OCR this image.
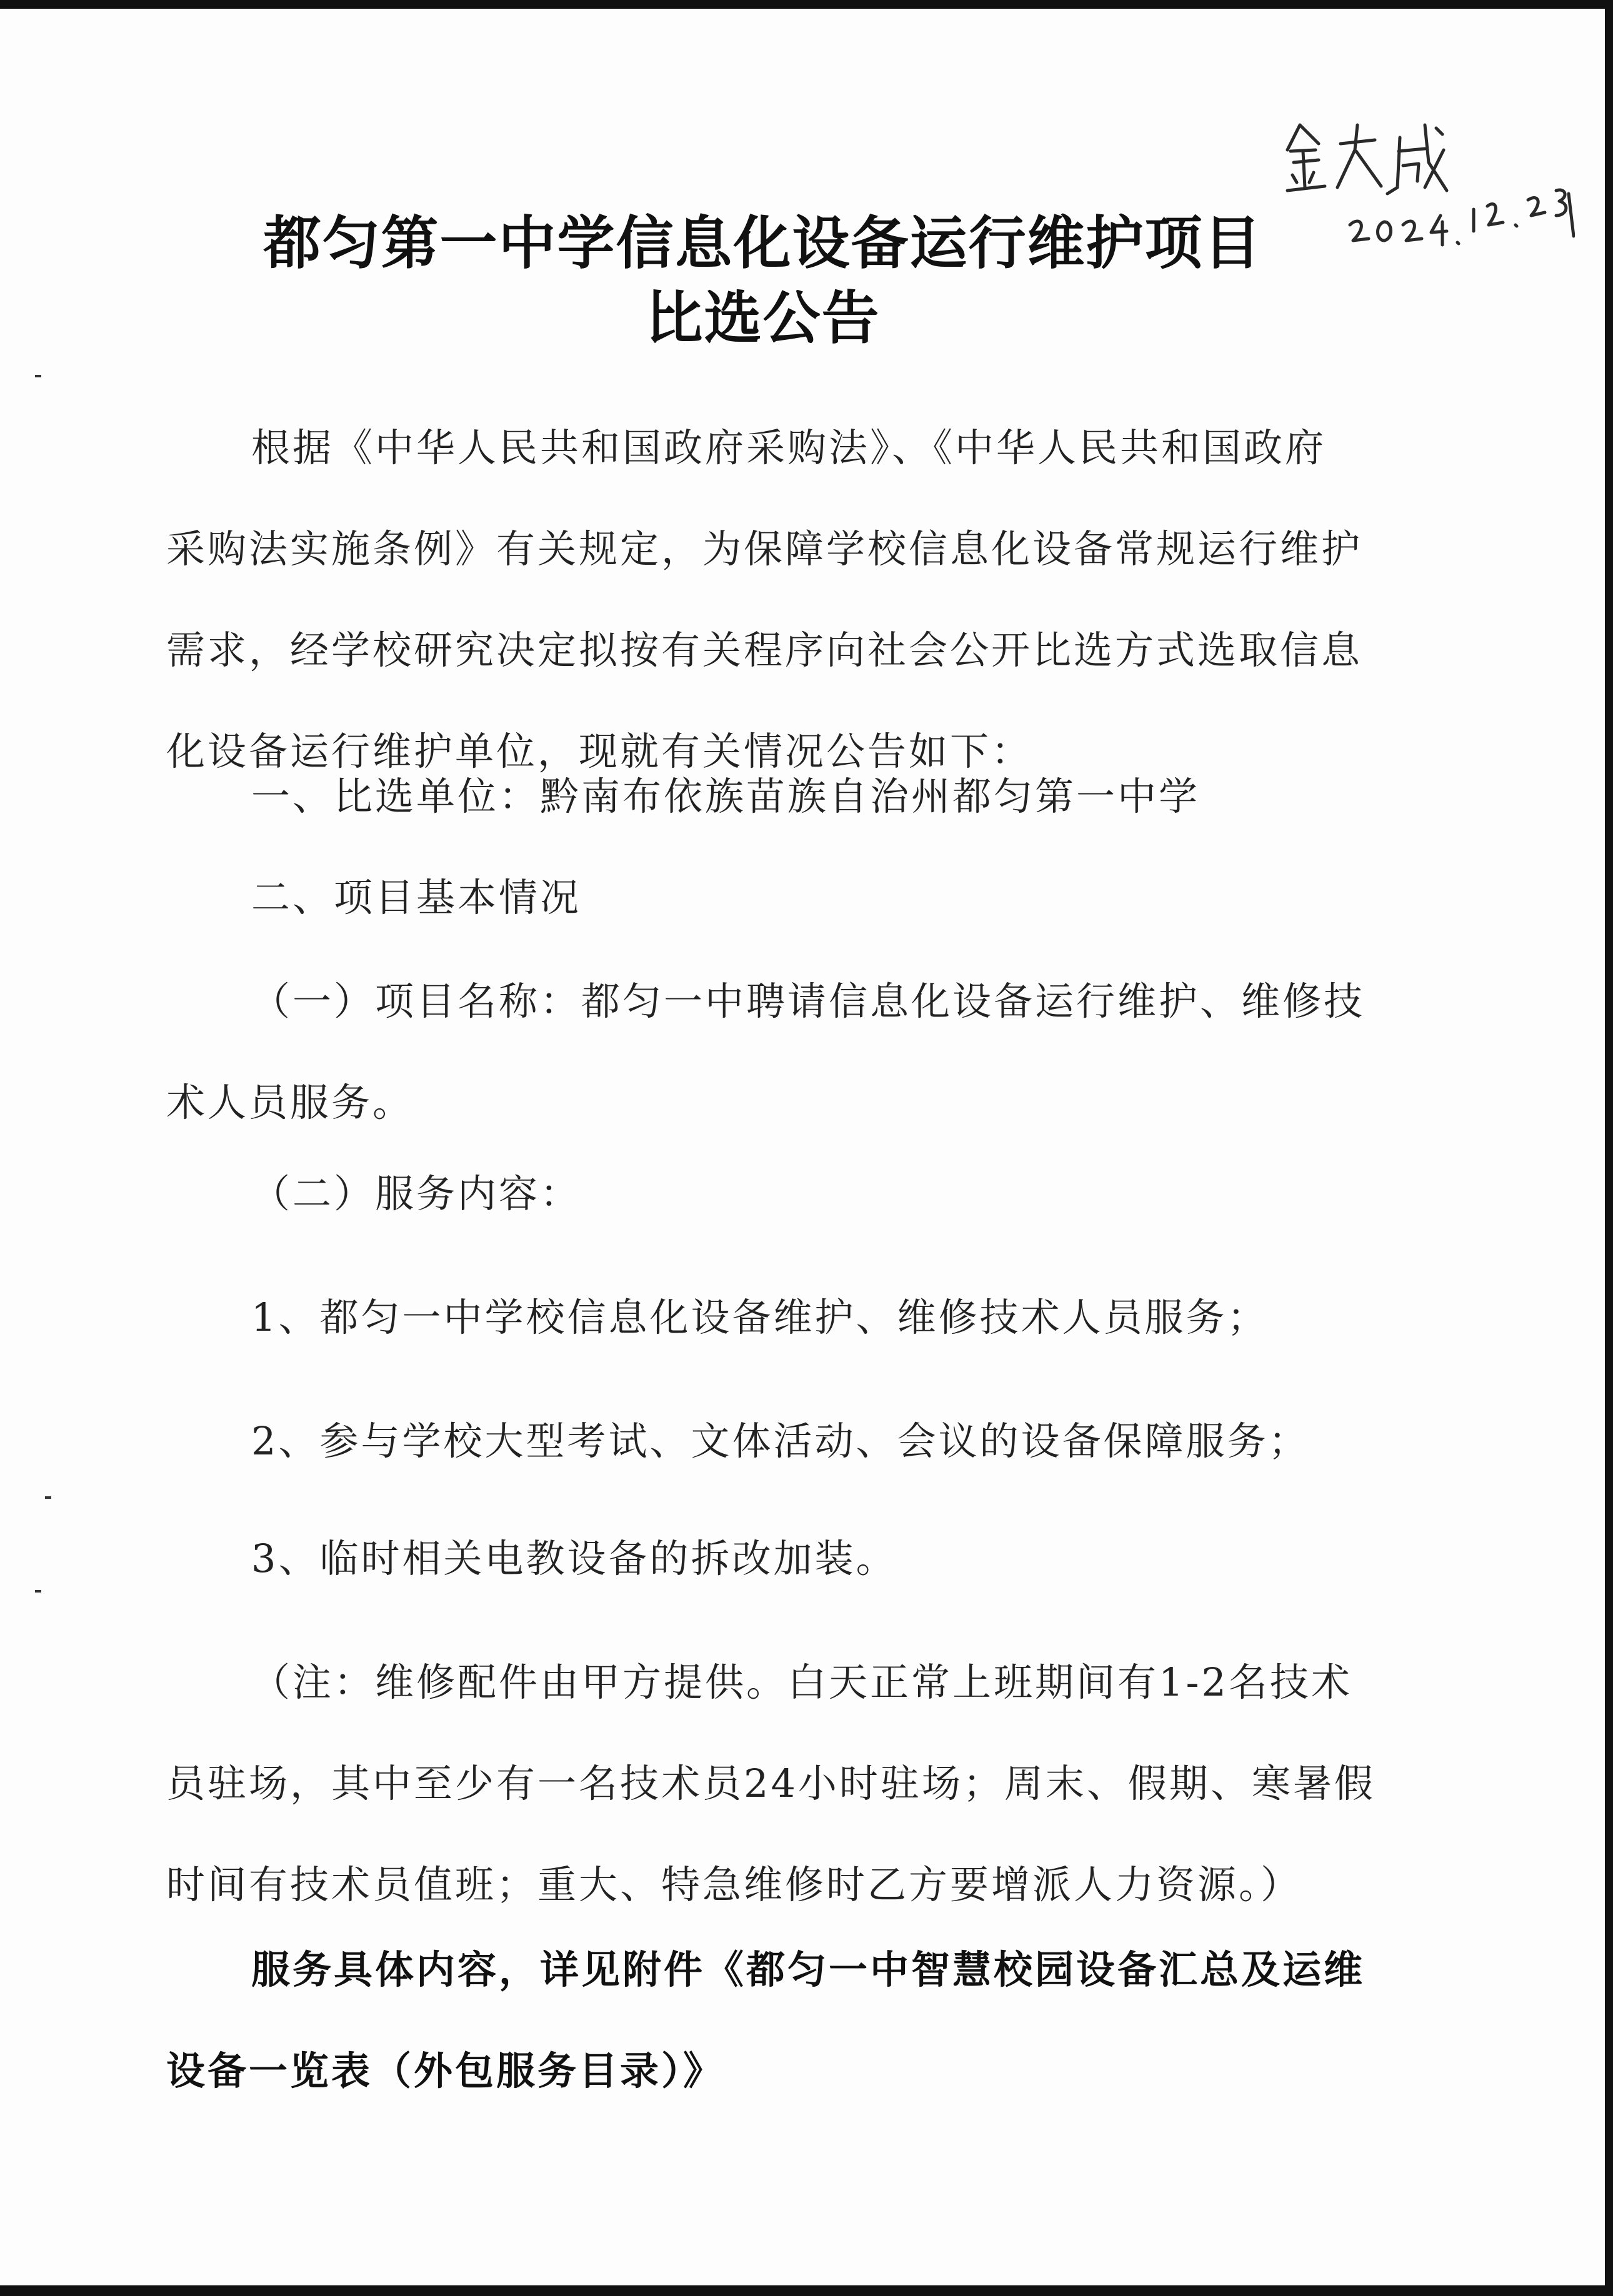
都匀第一中学信息化设备运行维护项目
比选公告
根据《中华人民共和国政府采购法》、《中华人民共和国政府
采购法实施条例》有关规定，为保障学校信息化设备常规运行维护
需求，经学校研究决定拟按有关程序向社会公开比选方式选取信息
化设备运行维护单位，现就有关情况公告如下：
一、比选单位：黔南布依族苗族自治州都匀第一中学
二、项目基本情况
（一）项目名称：都匀一中聘请信息化设备运行维护、维修技
术人员服务。
（二）服务内容：
1、都匀一中学校信息化设备维护、维修技术人员服务；
2、参与学校大型考试、文体活动、会议的设备保障服务；
3、临时相关电教设备的拆改加装。
（注：维修配件由甲方提供。白天正常上班期间有1-2名技术
员驻场，其中至少有一名技术员24小时驻场；周末、假期、寒暑假
时间有技术员值班；重大、特急维修时乙方要增派人力资源。）
服务具体内容，详见附件《都匀一中智慧校园设备汇总及运维
设备一览表（外包服务目录）》
